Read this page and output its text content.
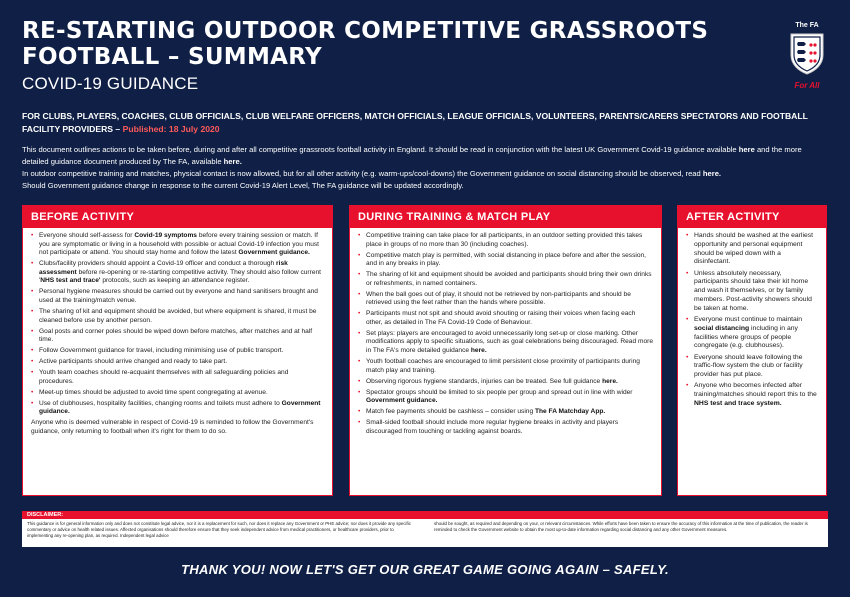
RE-STARTING OUTDOOR COMPETITIVE GRASSROOTS
FOOTBALL – SUMMARY
COVID-19 GUIDANCE
The FA
For All
FOR CLUBS, PLAYERS, COACHES, CLUB OFFICIALS, CLUB WELFARE OFFICERS, MATCH OFFICIALS, LEAGUE OFFICIALS, VOLUNTEERS, PARENTS/CARERS SPECTATORS AND FOOTBALL FACILITY PROVIDERS – Published: 18 July 2020
This document outlines actions to be taken before, during and after all competitive grassroots football activity in England. It should be read in conjunction with the latest UK Government Covid-19 guidance available here and the more detailed guidance document produced by The FA, available here.
In outdoor competitive training and matches, physical contact is now allowed, but for all other activity (e.g. warm-ups/cool-downs) the Government guidance on social distancing should be observed, read here.
Should Government guidance change in response to the current Covid-19 Alert Level, The FA guidance will be updated accordingly.
BEFORE ACTIVITY
• Everyone should self-assess for Covid-19 symptoms before every training session or match. If you are symptomatic or living in a household with possible or actual Covid-19 infection you must not participate or attend. You should stay home and follow the latest Government guidance.
• Clubs/facility providers should appoint a Covid-19 officer and conduct a thorough risk assessment before re-opening or re-starting competitive activity. They should also follow current 'NHS test and trace' protocols, such as keeping an attendance register.
• Personal hygiene measures should be carried out by everyone and hand sanitisers brought and used at the training/match venue.
• The sharing of kit and equipment should be avoided, but where equipment is shared, it must be cleaned before use by another person.
• Goal posts and corner poles should be wiped down before matches, after matches and at half time.
• Follow Government guidance for travel, including minimising use of public transport.
• Active participants should arrive changed and ready to take part.
• Youth team coaches should re-acquaint themselves with all safeguarding policies and procedures.
• Meet-up times should be adjusted to avoid time spent congregating at avenue.
• Use of clubhouses, hospitality facilities, changing rooms and toilets must adhere to Government guidance.
Anyone who is deemed vulnerable in respect of Covid-19 is reminded to follow the Government's guidance, only returning to football when it's right for them to do so.
DURING TRAINING & MATCH PLAY
• Competitive training can take place for all participants, in an outdoor setting provided this takes place in groups of no more than 30 (including coaches).
• Competitive match play is permitted, with social distancing in place before and after the session, and in any breaks in play.
• The sharing of kit and equipment should be avoided and participants should bring their own drinks or refreshments, in named containers.
• When the ball goes out of play, it should not be retrieved by non-participants and should be retrieved using the feet rather than the hands where possible.
• Participants must not spit and should avoid shouting or raising their voices when facing each other, as detailed in The FA Covid-19 Code of Behaviour.
• Set plays: players are encouraged to avoid unnecessarily long set-up or close marking. Other modifications apply to specific situations, such as goal celebrations being discouraged. Read more in The FA's more detailed guidance here.
• Youth football coaches are encouraged to limit persistent close proximity of participants during match play and training.
• Observing rigorous hygiene standards, injuries can be treated. See full guidance here.
• Spectator groups should be limited to six people per group and spread out in line with wider Government guidance.
• Match fee payments should be cashless – consider using The FA Matchday App.
• Small-sided football should include more regular hygiene breaks in activity and players discouraged from touching or tackling against boards.
AFTER ACTIVITY
• Hands should be washed at the earliest opportunity and personal equipment should be wiped down with a disinfectant.
• Unless absolutely necessary, participants should take their kit home and wash it themselves, or by family members. Post-activity showers should be taken at home.
• Everyone must continue to maintain social distancing including in any facilities where groups of people congregate (e.g. clubhouses).
• Everyone should leave following the traffic-flow system the club or facility provider has put place.
• Anyone who becomes infected after training/matches should report this to the NHS test and trace system.
DISCLAIMER:
This guidance is for general information only and does not constitute legal advice, nor it is a replacement for such, nor does it replace any Government or PHE advice; nor does it provide any specific commentary or advice on health related issues. Affected organisations should therefore ensure that they seek independent advice from medical practitioners, or healthcare providers, prior to implementing any re-opening plan, as required. Independent legal advice
should be sought, as required and depending on your, or relevant circumstances. While efforts have been taken to ensure the accuracy of this information at the time of publication, the reader is reminded to check the Government website to obtain the most up-to-date information regarding social distancing and any other Government measures.
THANK YOU! NOW LET'S GET OUR GREAT GAME GOING AGAIN – SAFELY.
